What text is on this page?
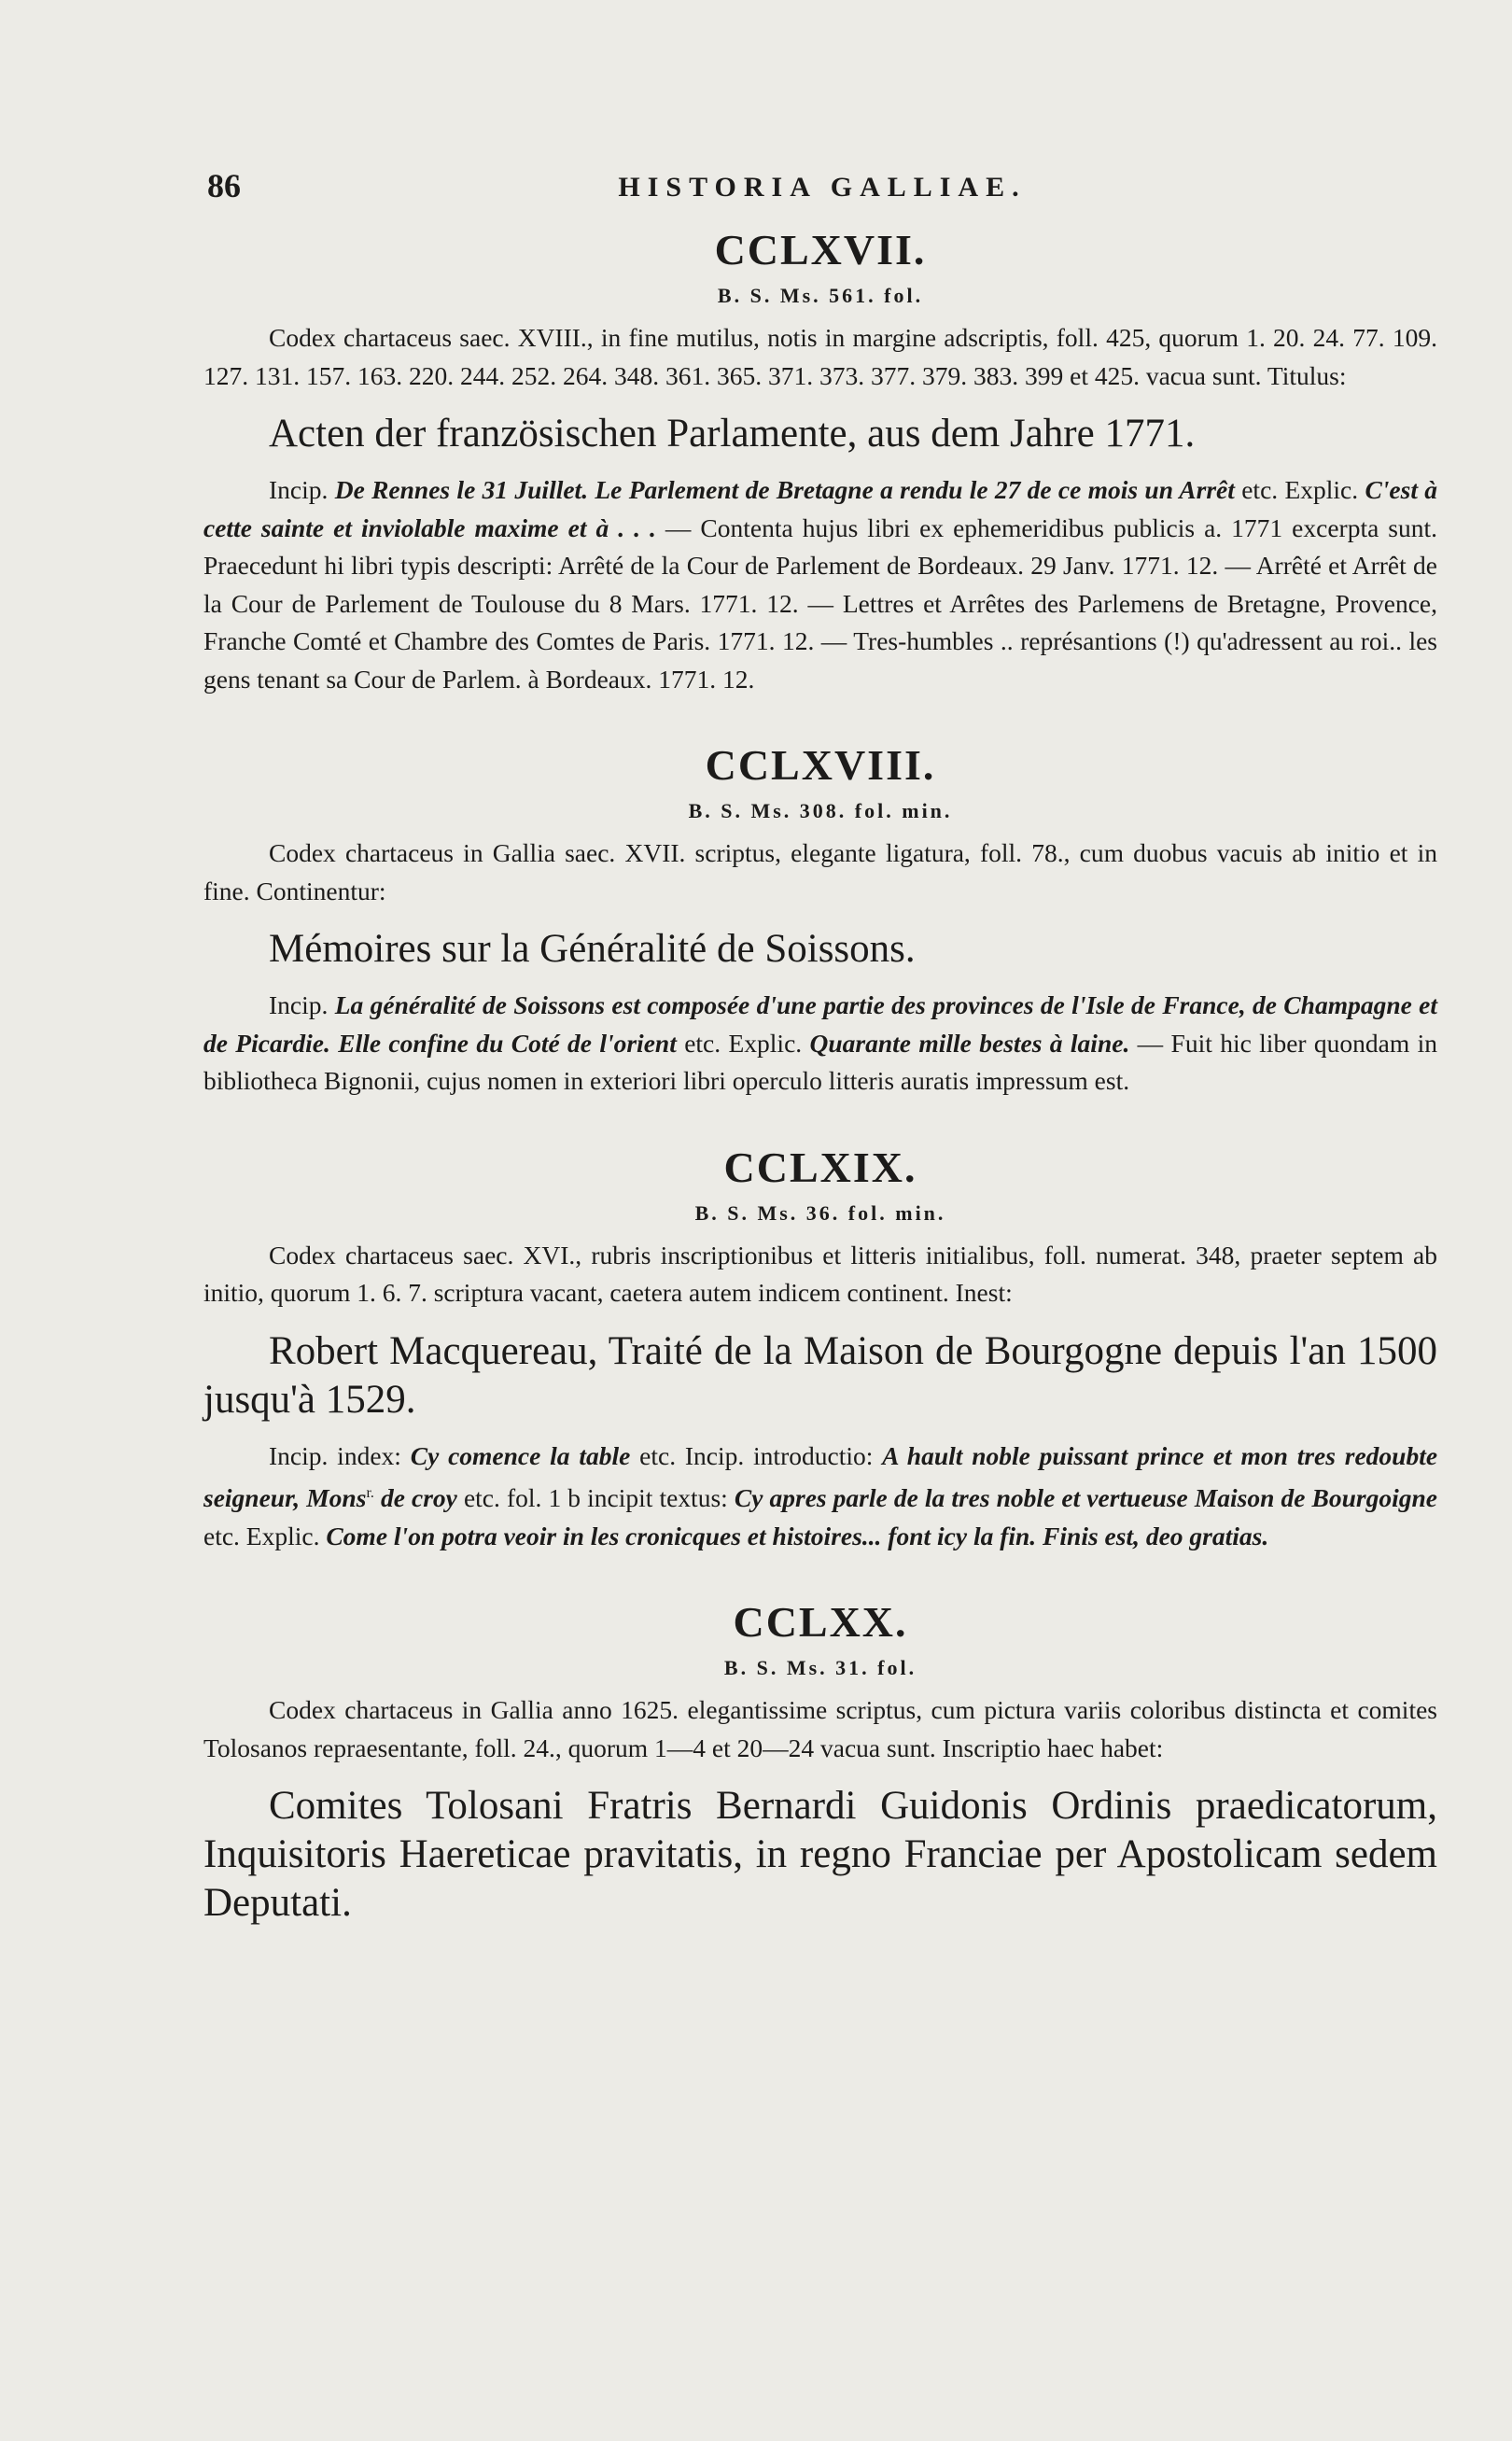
86	HISTORIA GALLIAE.
CCLXVII.
B. S. Ms. 561. fol.

Codex chartaceus saec. XVIII., in fine mutilus, notis in margine adscriptis, foll. 425, quorum 1. 20. 24. 77. 109. 127. 131. 157. 163. 220. 244. 252. 264. 348. 361. 365. 371. 373. 377. 379. 383. 399 et 425. vacua sunt. Titulus:

Acten der französischen Parlamente, aus dem Jahre 1771.

Incip. De Rennes le 31 Juillet. Le Parlement de Bretagne a rendu le 27 de ce mois un Arrêt etc. Explic. C'est à cette sainte et inviolable maxime et à . . . — Contenta hujus libri ex ephemeridibus publicis a. 1771 excerpta sunt. Praecedunt hi libri typis descripti: Arrêté de la Cour de Parlement de Bordeaux. 29 Janv. 1771. 12. — Arrêté et Arrêt de la Cour de Parlement de Toulouse du 8 Mars. 1771. 12. — Lettres et Arrêtes des Parlemens de Bretagne, Provence, Franche Comté et Chambre des Comtes de Paris. 1771. 12. — Tres-humbles .. représantions (!) qu'adressent au roi.. les gens tenant sa Cour de Parlem. à Bordeaux. 1771. 12.

CCLXVIII.
B. S. Ms. 308. fol. min.

Codex chartaceus in Gallia saec. XVII. scriptus, elegante ligatura, foll. 78., cum duobus vacuis ab initio et in fine. Continentur:

Mémoires sur la Généralité de Soissons.

Incip. La généralité de Soissons est composée d'une partie des provinces de l'Isle de France, de Champagne et de Picardie. Elle confine du Coté de l'orient etc. Explic. Quarante mille bestes à laine. — Fuit hic liber quondam in bibliotheca Bignonii, cujus nomen in exteriori libri operculo litteris auratis impressum est.

CCLXIX.
B. S. Ms. 36. fol. min.

Codex chartaceus saec. XVI., rubris inscriptionibus et litteris initialibus, foll. numerat. 348, praeter septem ab initio, quorum 1. 6. 7. scriptura vacant, caetera autem indicem continent. Inest:

Robert Macquereau, Traité de la Maison de Bourgogne depuis l'an 1500 jusqu'à 1529.

Incip. index: Cy comence la table etc. Incip. introductio: A hault noble puissant prince et mon tres redoubte seigneur, Mons$^{r.}$ de croy etc. fol. 1 b incipit textus: Cy apres parle de la tres noble et vertueuse Maison de Bourgoigne etc. Explic. Come l'on potra veoir in les cronicques et histoires... font icy la fin. Finis est, deo gratias.

CCLXX.
B. S. Ms. 31. fol.

Codex chartaceus in Gallia anno 1625. elegantissime scriptus, cum pictura variis coloribus distincta et comites Tolosanos repraesentante, foll. 24., quorum 1—4 et 20—24 vacua sunt. Inscriptio haec habet:

Comites Tolosani Fratris Bernardi Guidonis Ordinis praedicatorum, Inquisitoris Haereticae pravitatis, in regno Franciae per Apostolicam sedem Deputati.
